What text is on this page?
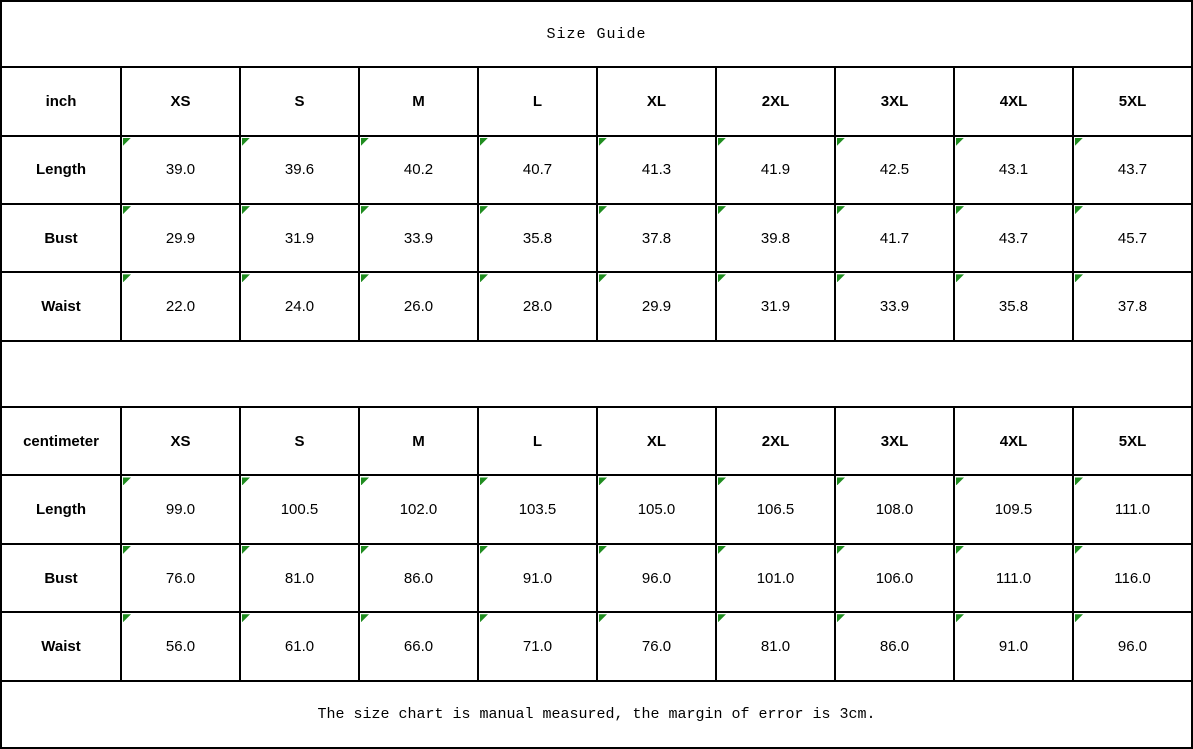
Size Guide									
inch	XS	S	M	L	XL	2XL	3XL	4XL	5XL
Length	39.0	39.6	40.2	40.7	41.3	41.9	42.5	43.1	43.7
Bust	29.9	31.9	33.9	35.8	37.8	39.8	41.7	43.7	45.7
Waist	22.0	24.0	26.0	28.0	29.9	31.9	33.9	35.8	37.8

centimeter	XS	S	M	L	XL	2XL	3XL	4XL	5XL
Length	99.0	100.5	102.0	103.5	105.0	106.5	108.0	109.5	111.0
Bust	76.0	81.0	86.0	91.0	96.0	101.0	106.0	111.0	116.0
Waist	56.0	61.0	66.0	71.0	76.0	81.0	86.0	91.0	96.0
The size chart is manual measured, the margin of error is 3cm.									
